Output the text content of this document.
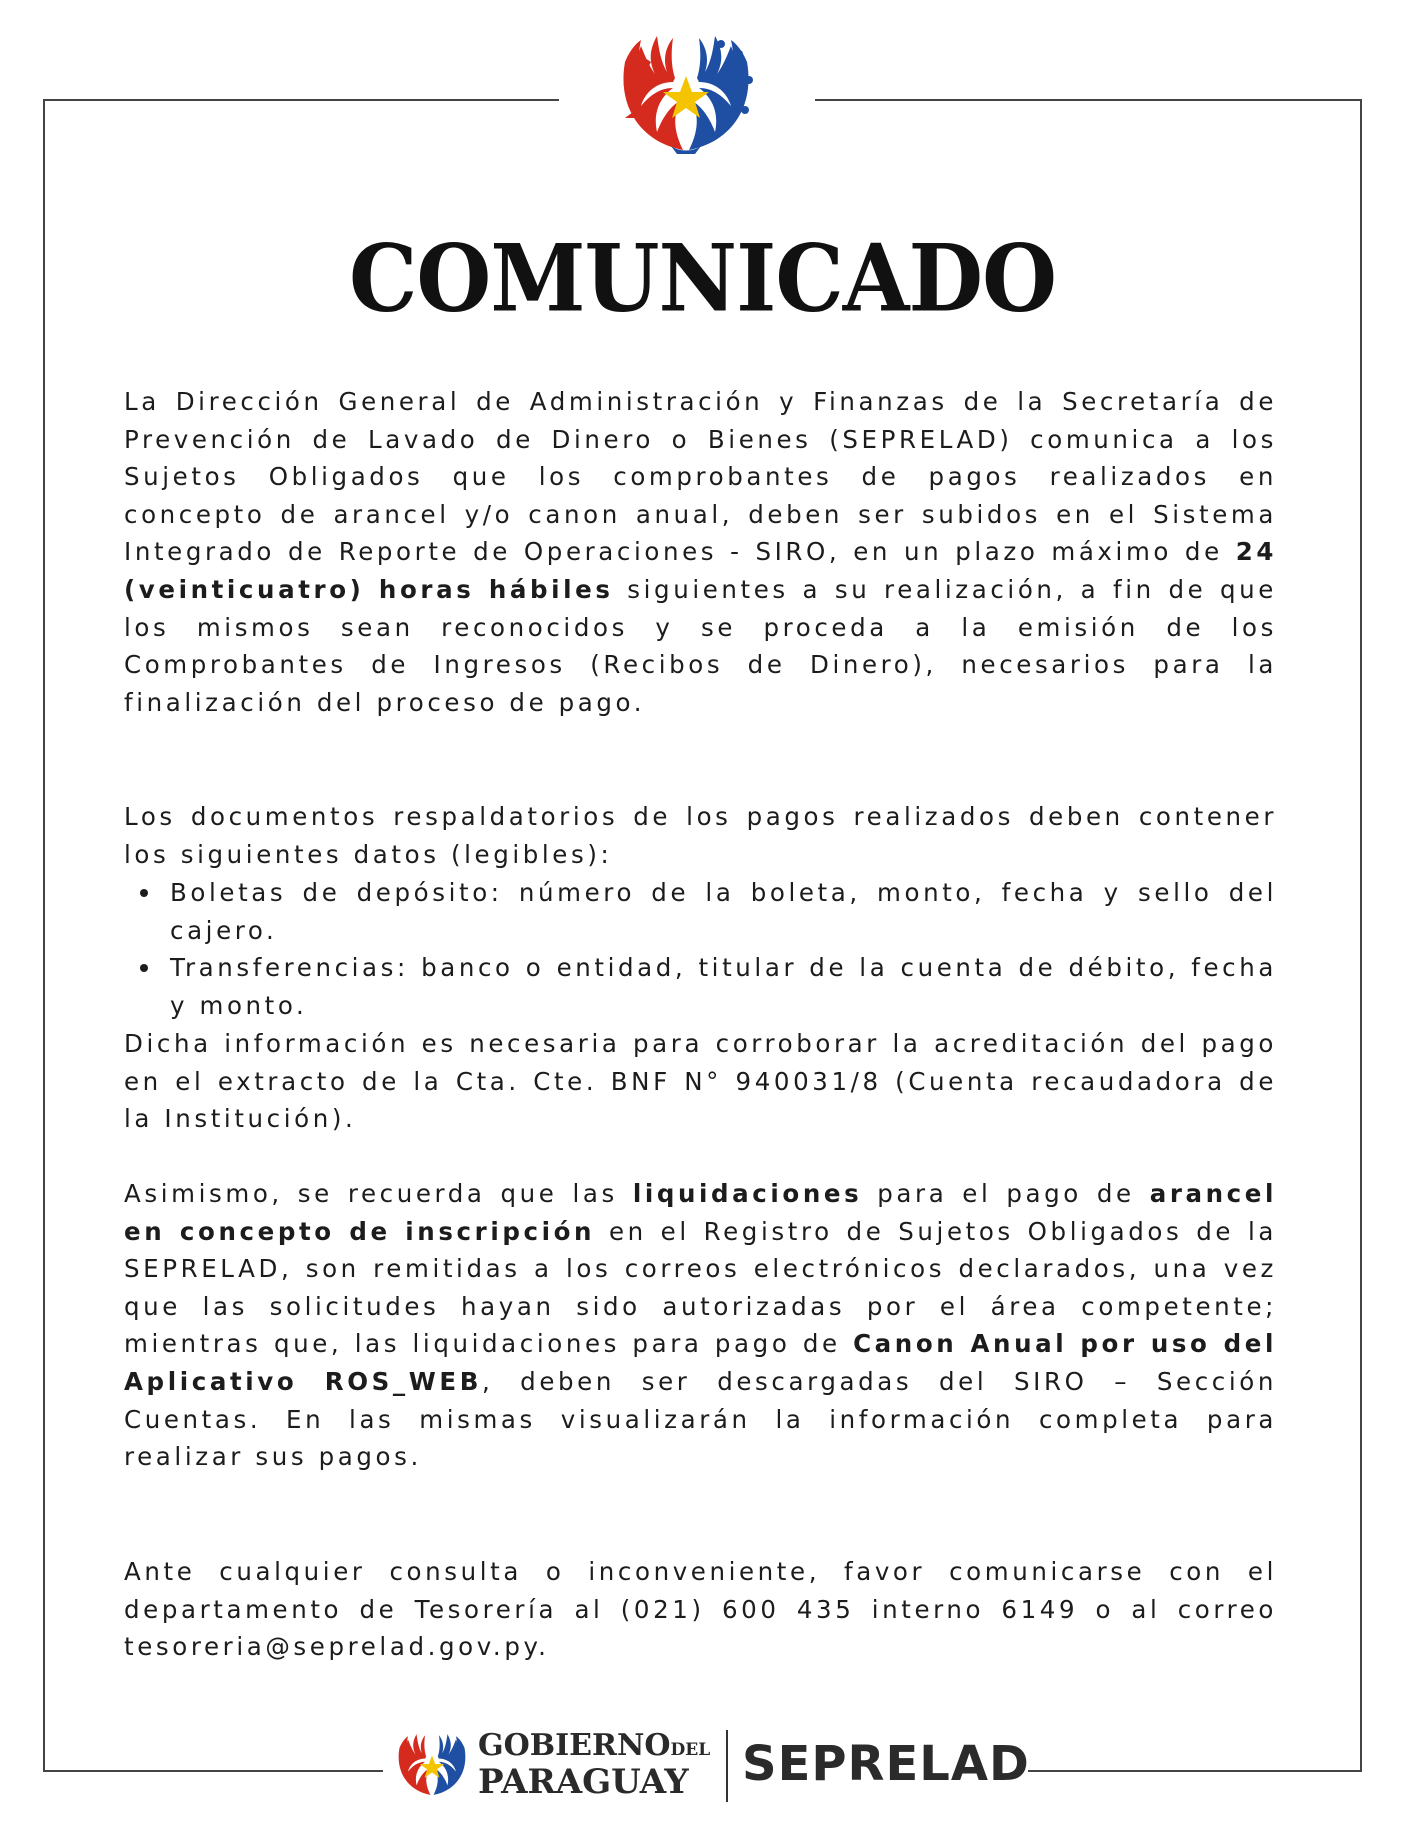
COMUNICADO

La Dirección General de Administración y Finanzas de la Secretaría de Prevención de Lavado de Dinero o Bienes (SEPRELAD) comunica a los Sujetos Obligados que los comprobantes de pagos realizados en concepto de arancel y/o canon anual, deben ser subidos en el Sistema Integrado de Reporte de Operaciones - SIRO, en un plazo máximo de 24 (veinticuatro) horas hábiles siguientes a su realización, a fin de que los mismos sean reconocidos y se proceda a la emisión de los Comprobantes de Ingresos (Recibos de Dinero), necesarios para la finalización del proceso de pago.

Los documentos respaldatorios de los pagos realizados deben contener los siguientes datos (legibles):

Boletas de depósito: número de la boleta, monto, fecha y sello del cajero.
Transferencias: banco o entidad, titular de la cuenta de débito, fecha y monto.

Dicha información es necesaria para corroborar la acreditación del pago en el extracto de la Cta. Cte. BNF N° 940031/8 (Cuenta recaudadora de la Institución).

Asimismo, se recuerda que las liquidaciones para el pago de arancel en concepto de inscripción en el Registro de Sujetos Obligados de la SEPRELAD, son remitidas a los correos electrónicos declarados, una vez que las solicitudes hayan sido autorizadas por el área competente; mientras que, las liquidaciones para pago de Canon Anual por uso del Aplicativo ROS_WEB, deben ser descargadas del SIRO – Sección Cuentas. En las mismas visualizarán la información completa para realizar sus pagos.

Ante cualquier consulta o inconveniente, favor comunicarse con el departamento de Tesorería al (021) 600 435 interno 6149 o al correo tesoreria@seprelad.gov.py.

GOBIERNODEL
PARAGUAY SEPRELAD
